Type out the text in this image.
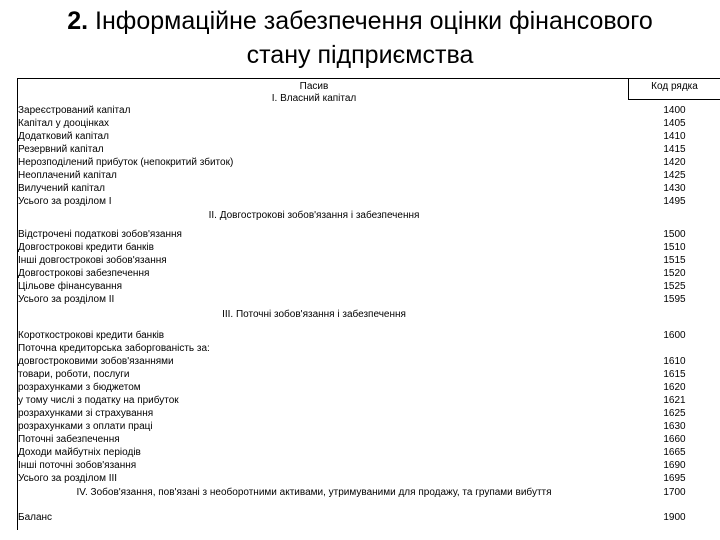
2. Інформаційне забезпечення оцінки фінансового
стану підприємства
Пасив	Код рядка
І. Власний капітал
Зареєстрований капітал	1400
Капітал у дооцінках	1405
Додатковий капітал	1410
Резервний капітал	1415
Нерозподілений прибуток (непокритий збиток)	1420
Неоплачений капітал	1425
Вилучений капітал	1430
Усього за розділом І	1495
ІІ. Довгострокові зобов'язання і забезпечення
Відстрочені податкові зобов'язання	1500
Довгострокові кредити банків	1510
Інші довгострокові зобов'язання	1515
Довгострокові забезпечення	1520
Цільове фінансування	1525
Усього за розділом ІІ	1595
ІІІ. Поточні зобов'язання і забезпечення
Короткострокові кредити банків	1600
Поточна кредиторська заборгованість за:
довгостроковими зобов'язаннями	1610
товари, роботи, послуги	1615
розрахунками з бюджетом	1620
у тому числі з податку на прибуток	1621
розрахунками зі страхування	1625
розрахунками з оплати праці	1630
Поточні забезпечення	1660
Доходи майбутніх періодів	1665
Інші поточні зобов'язання	1690
Усього за розділом ІІІ	1695
IV. Зобов'язання, пов'язані з необоротними активами, утримуваними для продажу, та групами вибуття	1700
Баланс	1900
